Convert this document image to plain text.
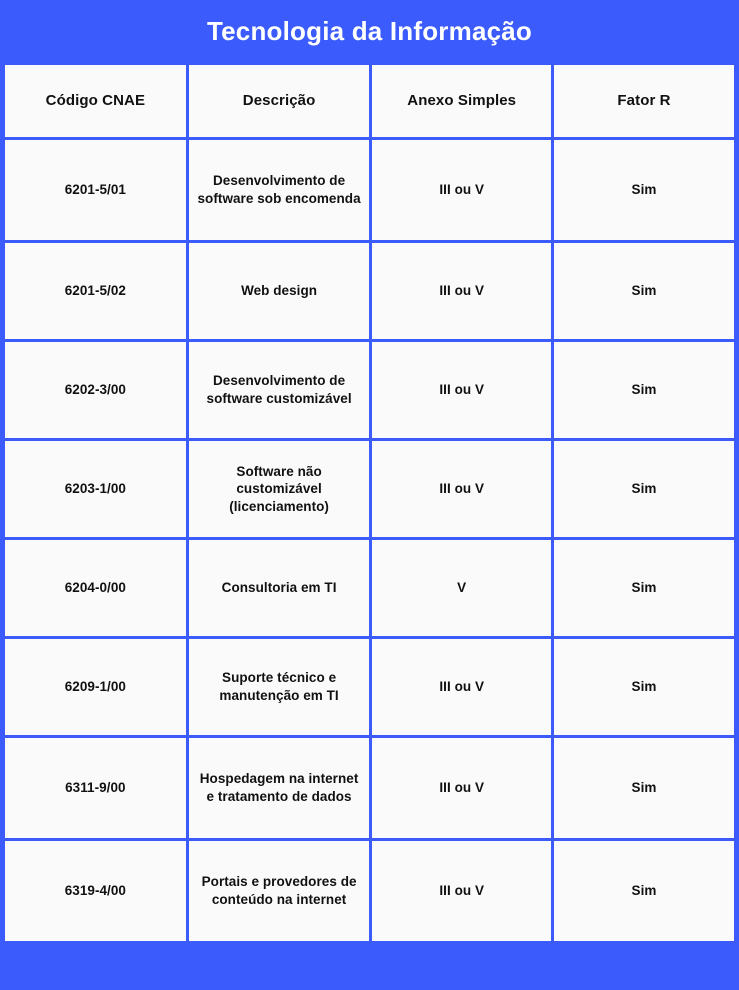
Tecnologia da Informação
Código CNAE	Descrição	Anexo Simples	Fator R
6201-5/01	Desenvolvimento de software sob encomenda	III ou V	Sim
6201-5/02	Web design	III ou V	Sim
6202-3/00	Desenvolvimento de software customizável	III ou V	Sim
6203-1/00	Software não customizável (licenciamento)	III ou V	Sim
6204-0/00	Consultoria em TI	V	Sim
6209-1/00	Suporte técnico e manutenção em TI	III ou V	Sim
6311-9/00	Hospedagem na internet e tratamento de dados	III ou V	Sim
6319-4/00	Portais e provedores de conteúdo na internet	III ou V	Sim
